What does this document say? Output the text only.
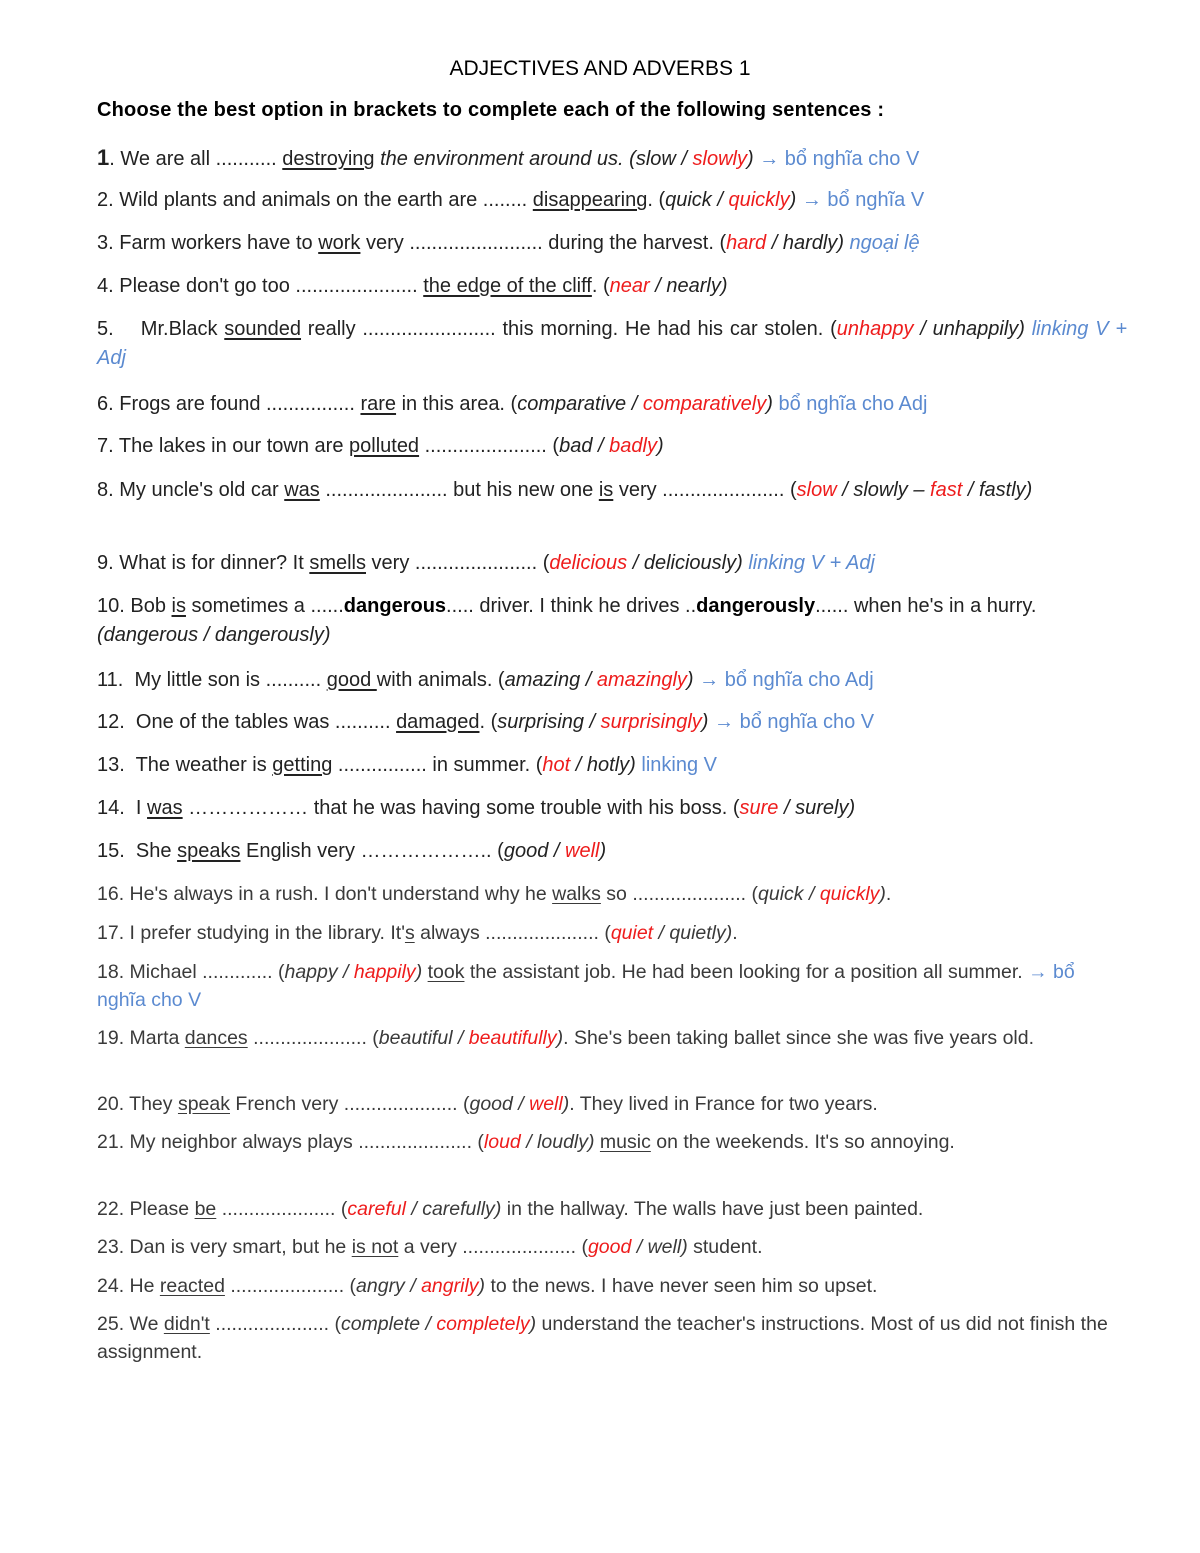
ADJECTIVES AND ADVERBS 1
Choose the best option in brackets to complete each of the following sentences :
1. We are all ........... destroying the environment around us. (slow / slowly) → bổ nghĩa cho V
2. Wild plants and animals on the earth are ........ disappearing. (quick / quickly) → bổ nghĩa V
3. Farm workers have to work very ........................ during the harvest. (hard / hardly) ngoại lệ
4. Please don't go too ...................... the edge of the cliff. (near / nearly)
5.    Mr.Black sounded really ........................ this morning. He had his car stolen. (unhappy / unhappily) linking V + Adj
6. Frogs are found ................ rare in this area. (comparative / comparatively) bổ nghĩa cho Adj
7. The lakes in our town are polluted ...................... (bad / badly)
8. My uncle's old car was ...................... but his new one is very ...................... (slow / slowly – fast / fastly)
9. What is for dinner? It smells very ...................... (delicious / deliciously) linking V + Adj
10. Bob is sometimes a ......dangerous..... driver. I think he drives ..dangerously...... when he's in a hurry. (dangerous / dangerously)
11.  My little son is .......... good with animals. (amazing / amazingly) → bổ nghĩa cho Adj
12.  One of the tables was .......... damaged. (surprising / surprisingly) → bổ nghĩa cho V
13.  The weather is getting ................ in summer. (hot / hotly) linking V
14.  I was ……………… that he was having some trouble with his boss. (sure / surely)
15.  She speaks English very ……………….. (good / well)
16. He's always in a rush. I don't understand why he walks so ..................... (quick / quickly).
17. I prefer studying in the library. It's always ..................... (quiet / quietly).
18. Michael ............. (happy / happily) took the assistant job. He had been looking for a position all summer. → bổ nghĩa cho V
19. Marta dances ..................... (beautiful / beautifully). She's been taking ballet since she was five years old.
20. They speak French very ..................... (good / well). They lived in France for two years.
21. My neighbor always plays ..................... (loud / loudly) music on the weekends. It's so annoying.
22. Please be ..................... (careful / carefully) in the hallway. The walls have just been painted.
23. Dan is very smart, but he is not a very ..................... (good / well) student.
24. He reacted ..................... (angry / angrily) to the news. I have never seen him so upset.
25. We didn't ..................... (complete / completely) understand the teacher's instructions. Most of us did not finish the assignment.
